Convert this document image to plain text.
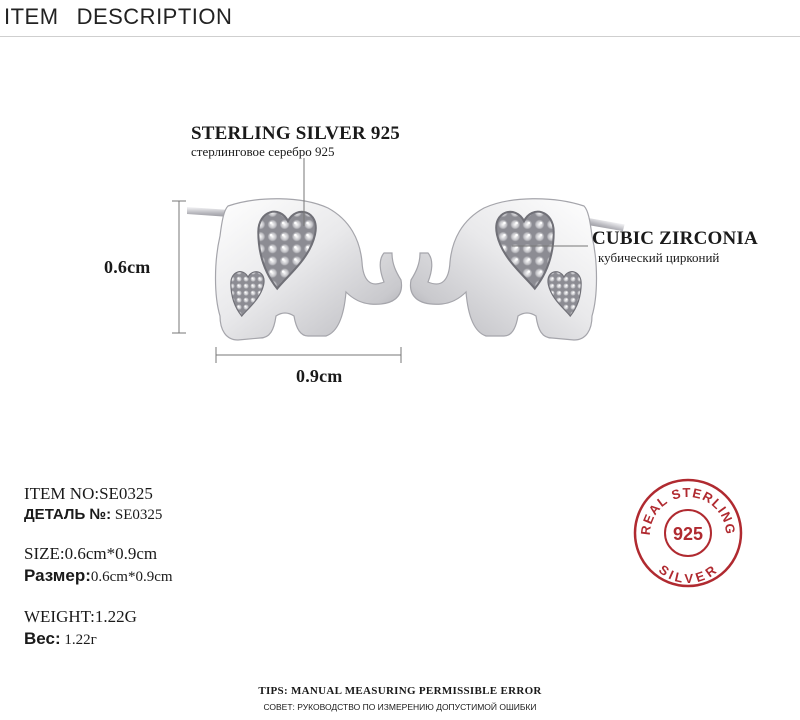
ITEM DESCRIPTION
STERLING SILVER 925
стерлинговое серебро 925
CUBIC ZIRCONIA
кубический цирконий
0.6cm
0.9cm
ITEM NO:SE0325
ДЕТАЛЬ №: SE0325
SIZE:0.6cm*0.9cm
Размер:0.6cm*0.9cm
WEIGHT:1.22G
Вес: 1.22г
REAL STERLING
SILVER
925
TIPS: MANUAL MEASURING PERMISSIBLE ERROR
СОВЕТ: РУКОВОДСТВО ПО ИЗМЕРЕНИЮ ДОПУСТИМОЙ ОШИБКИ
